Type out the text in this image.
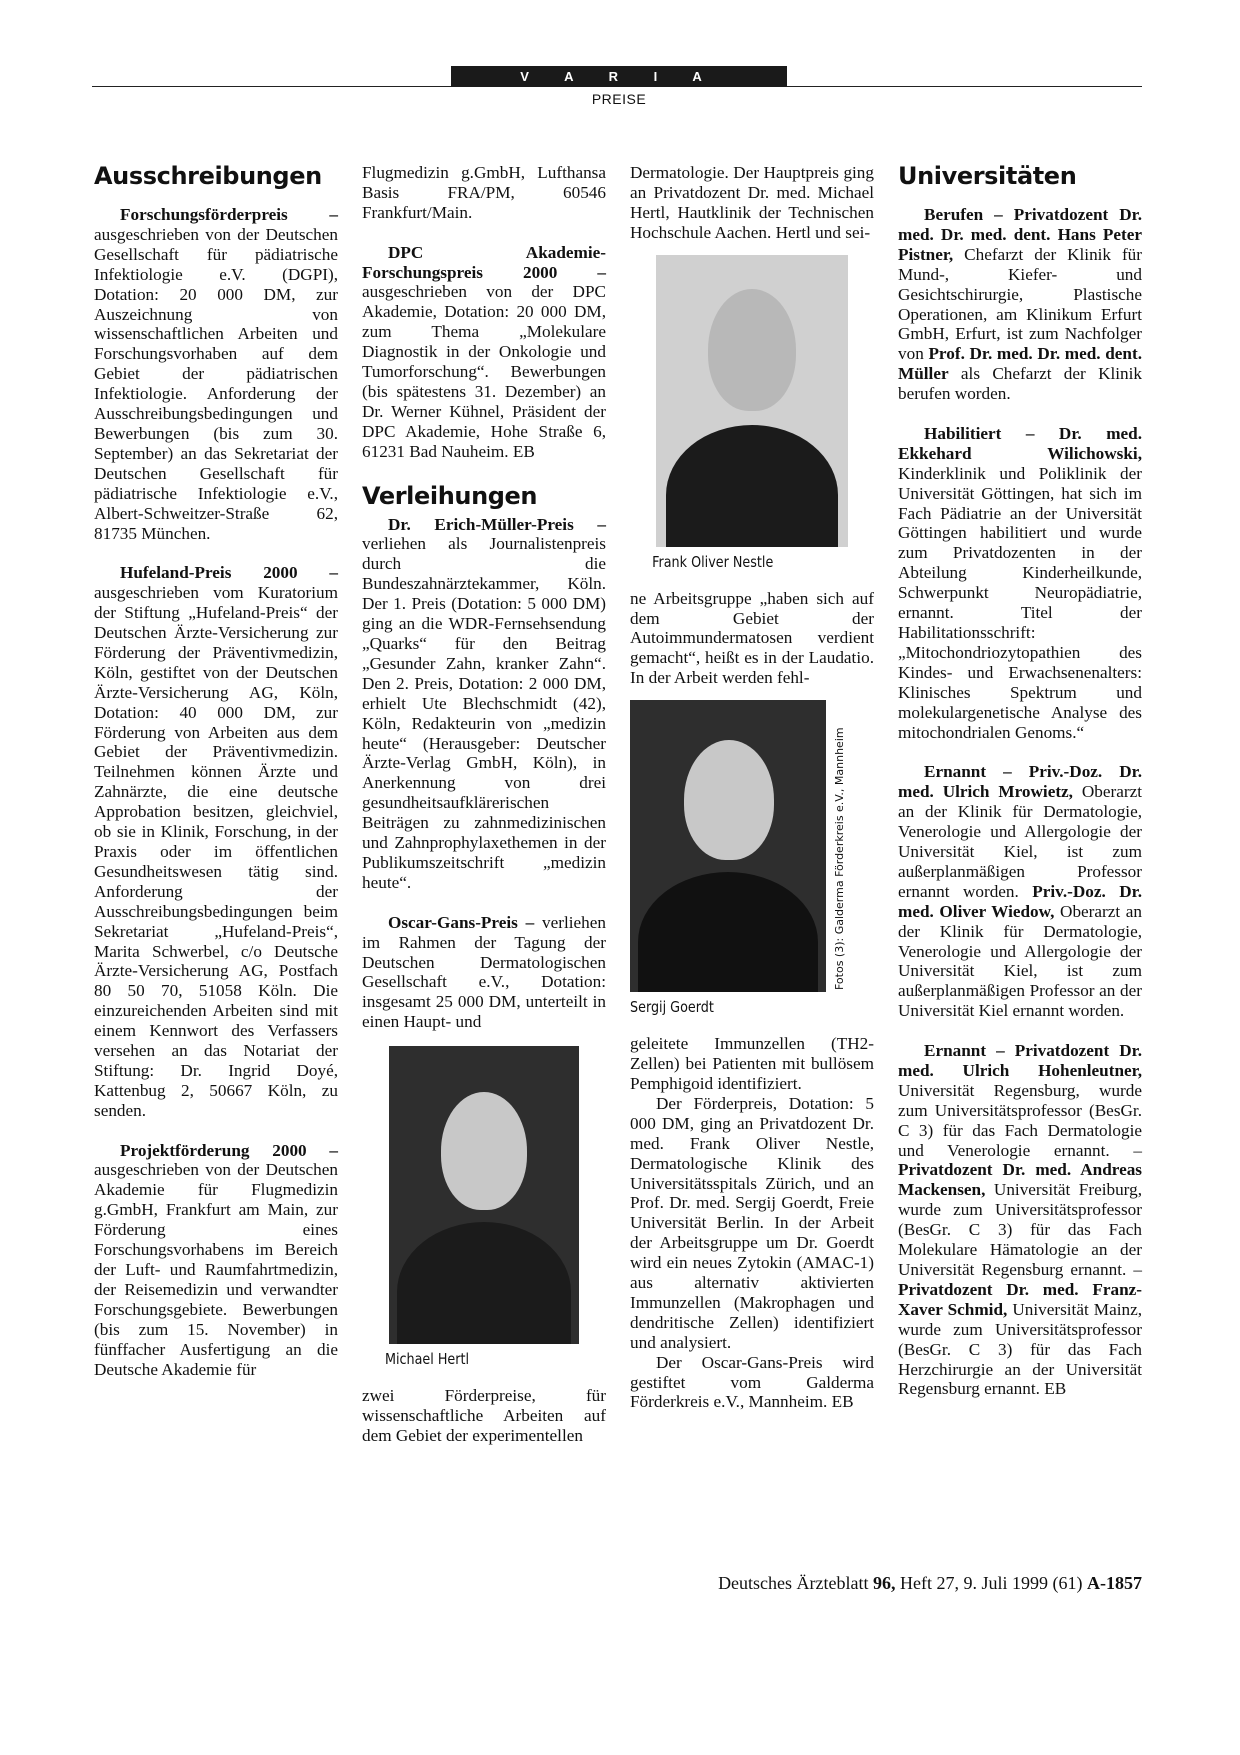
V A R I A
PREISE
Ausschreibungen

Forschungsförderpreis – ausgeschrieben von der Deutschen Gesellschaft für pädiatrische Infektiologie e.V. (DGPI), Dotation: 20 000 DM, zur Auszeichnung von wissenschaftlichen Arbeiten und Forschungsvorhaben auf dem Gebiet der pädiatrischen Infektiologie. Anforderung der Ausschreibungsbedingungen und Bewerbungen (bis zum 30. September) an das Sekretariat der Deutschen Gesellschaft für pädiatrische Infektiologie e.V., Albert-Schweitzer-Straße 62, 81735 München.

Hufeland-Preis 2000 – ausgeschrieben vom Kuratorium der Stiftung „Hufeland-Preis“ der Deutschen Ärzte-Versicherung zur Förderung der Präventivmedizin, Köln, gestiftet von der Deutschen Ärzte-Versicherung AG, Köln, Dotation: 40 000 DM, zur Förderung von Arbeiten aus dem Gebiet der Präventivmedizin. Teilnehmen können Ärzte und Zahnärzte, die eine deutsche Approbation besitzen, gleichviel, ob sie in Klinik, Forschung, in der Praxis oder im öffentlichen Gesundheitswesen tätig sind. Anforderung der Ausschreibungsbedingungen beim Sekretariat „Hufeland-Preis“, Marita Schwerbel, c/o Deutsche Ärzte-Versicherung AG, Postfach 80 50 70, 51058 Köln. Die einzureichenden Arbeiten sind mit einem Kennwort des Verfassers versehen an das Notariat der Stiftung: Dr. Ingrid Doyé, Kattenbug 2, 50667 Köln, zu senden.

Projektförderung 2000 – ausgeschrieben von der Deutschen Akademie für Flugmedizin g.GmbH, Frankfurt am Main, zur Förderung eines Forschungsvorhabens im Bereich der Luft- und Raumfahrtmedizin, der Reisemedizin und verwandter Forschungsgebiete. Bewerbungen (bis zum 15. November) in fünffacher Ausfertigung an die Deutsche Akademie für

Flugmedizin g.GmbH, Lufthansa Basis FRA/PM, 60546 Frankfurt/Main.

DPC Akademie-Forschungspreis 2000 – ausgeschrieben von der DPC Akademie, Dotation: 20 000 DM, zum Thema „Molekulare Diagnostik in der Onkologie und Tumorforschung“. Bewerbungen (bis spätestens 31. Dezember) an Dr. Werner Kühnel, Präsident der DPC Akademie, Hohe Straße 6, 61231 Bad Nauheim. EB

Verleihungen

Dr. Erich-Müller-Preis – verliehen als Journalistenpreis durch die Bundeszahnärztekammer, Köln. Der 1. Preis (Dotation: 5 000 DM) ging an die WDR-Fernsehsendung „Quarks“ für den Beitrag „Gesunder Zahn, kranker Zahn“. Den 2. Preis, Dotation: 2 000 DM, erhielt Ute Blechschmidt (42), Köln, Redakteurin von „medizin heute“ (Herausgeber: Deutscher Ärzte-Verlag GmbH, Köln), in Anerkennung von drei gesundheitsaufklärerischen Beiträgen zu zahnmedizinischen und Zahnprophylaxethemen in der Publikumszeitschrift „medizin heute“.

Oscar-Gans-Preis – verliehen im Rahmen der Tagung der Deutschen Dermatologischen Gesellschaft e.V., Dotation: insgesamt 25 000 DM, unterteilt in einen Haupt- und

Michael Hertl

zwei Förderpreise, für wissenschaftliche Arbeiten auf dem Gebiet der experimentellen

Dermatologie. Der Hauptpreis ging an Privatdozent Dr. med. Michael Hertl, Hautklinik der Technischen Hochschule Aachen. Hertl und sei-

Frank Oliver Nestle

ne Arbeitsgruppe „haben sich auf dem Gebiet der Autoimmundermatosen verdient gemacht“, heißt es in der Laudatio. In der Arbeit werden fehl-

Fotos (3): Galderma Förderkreis e.V., Mannheim
Sergij Goerdt

geleitete Immunzellen (TH2-Zellen) bei Patienten mit bullösem Pemphigoid identifiziert.

Der Förderpreis, Dotation: 5 000 DM, ging an Privatdozent Dr. med. Frank Oliver Nestle, Dermatologische Klinik des Universitätsspitals Zürich, und an Prof. Dr. med. Sergij Goerdt, Freie Universität Berlin. In der Arbeit der Arbeitsgruppe um Dr. Goerdt wird ein neues Zytokin (AMAC-1) aus alternativ aktivierten Immunzellen (Makrophagen und dendritische Zellen) identifiziert und analysiert.

Der Oscar-Gans-Preis wird gestiftet vom Galderma Förderkreis e.V., Mannheim. EB

Universitäten

Berufen – Privatdozent Dr. med. Dr. med. dent. Hans Peter Pistner, Chefarzt der Klinik für Mund-, Kiefer- und Gesichtschirurgie, Plastische Operationen, am Klinikum Erfurt GmbH, Erfurt, ist zum Nachfolger von Prof. Dr. med. Dr. med. dent. Müller als Chefarzt der Klinik berufen worden.

Habilitiert – Dr. med. Ekkehard Wilichowski, Kinderklinik und Poliklinik der Universität Göttingen, hat sich im Fach Pädiatrie an der Universität Göttingen habilitiert und wurde zum Privatdozenten in der Abteilung Kinderheilkunde, Schwerpunkt Neuropädiatrie, ernannt. Titel der Habilitationsschrift: „Mitochondriozytopathien des Kindes- und Erwachsenenalters: Klinisches Spektrum und molekulargenetische Analyse des mitochondrialen Genoms.“

Ernannt – Priv.-Doz. Dr. med. Ulrich Mrowietz, Oberarzt an der Klinik für Dermatologie, Venerologie und Allergologie der Universität Kiel, ist zum außerplanmäßigen Professor ernannt worden. Priv.-Doz. Dr. med. Oliver Wiedow, Oberarzt an der Klinik für Dermatologie, Venerologie und Allergologie der Universität Kiel, ist zum außerplanmäßigen Professor an der Universität Kiel ernannt worden.

Ernannt – Privatdozent Dr. med. Ulrich Hohenleutner, Universität Regensburg, wurde zum Universitätsprofessor (BesGr. C 3) für das Fach Dermatologie und Venerologie ernannt. – Privatdozent Dr. med. Andreas Mackensen, Universität Freiburg, wurde zum Universitätsprofessor (BesGr. C 3) für das Fach Molekulare Hämatologie an der Universität Regensburg ernannt. – Privatdozent Dr. med. Franz-Xaver Schmid, Universität Mainz, wurde zum Universitätsprofessor (BesGr. C 3) für das Fach Herzchirurgie an der Universität Regensburg ernannt. EB

Deutsches Ärzteblatt 96, Heft 27, 9. Juli 1999 (61) A-1857
